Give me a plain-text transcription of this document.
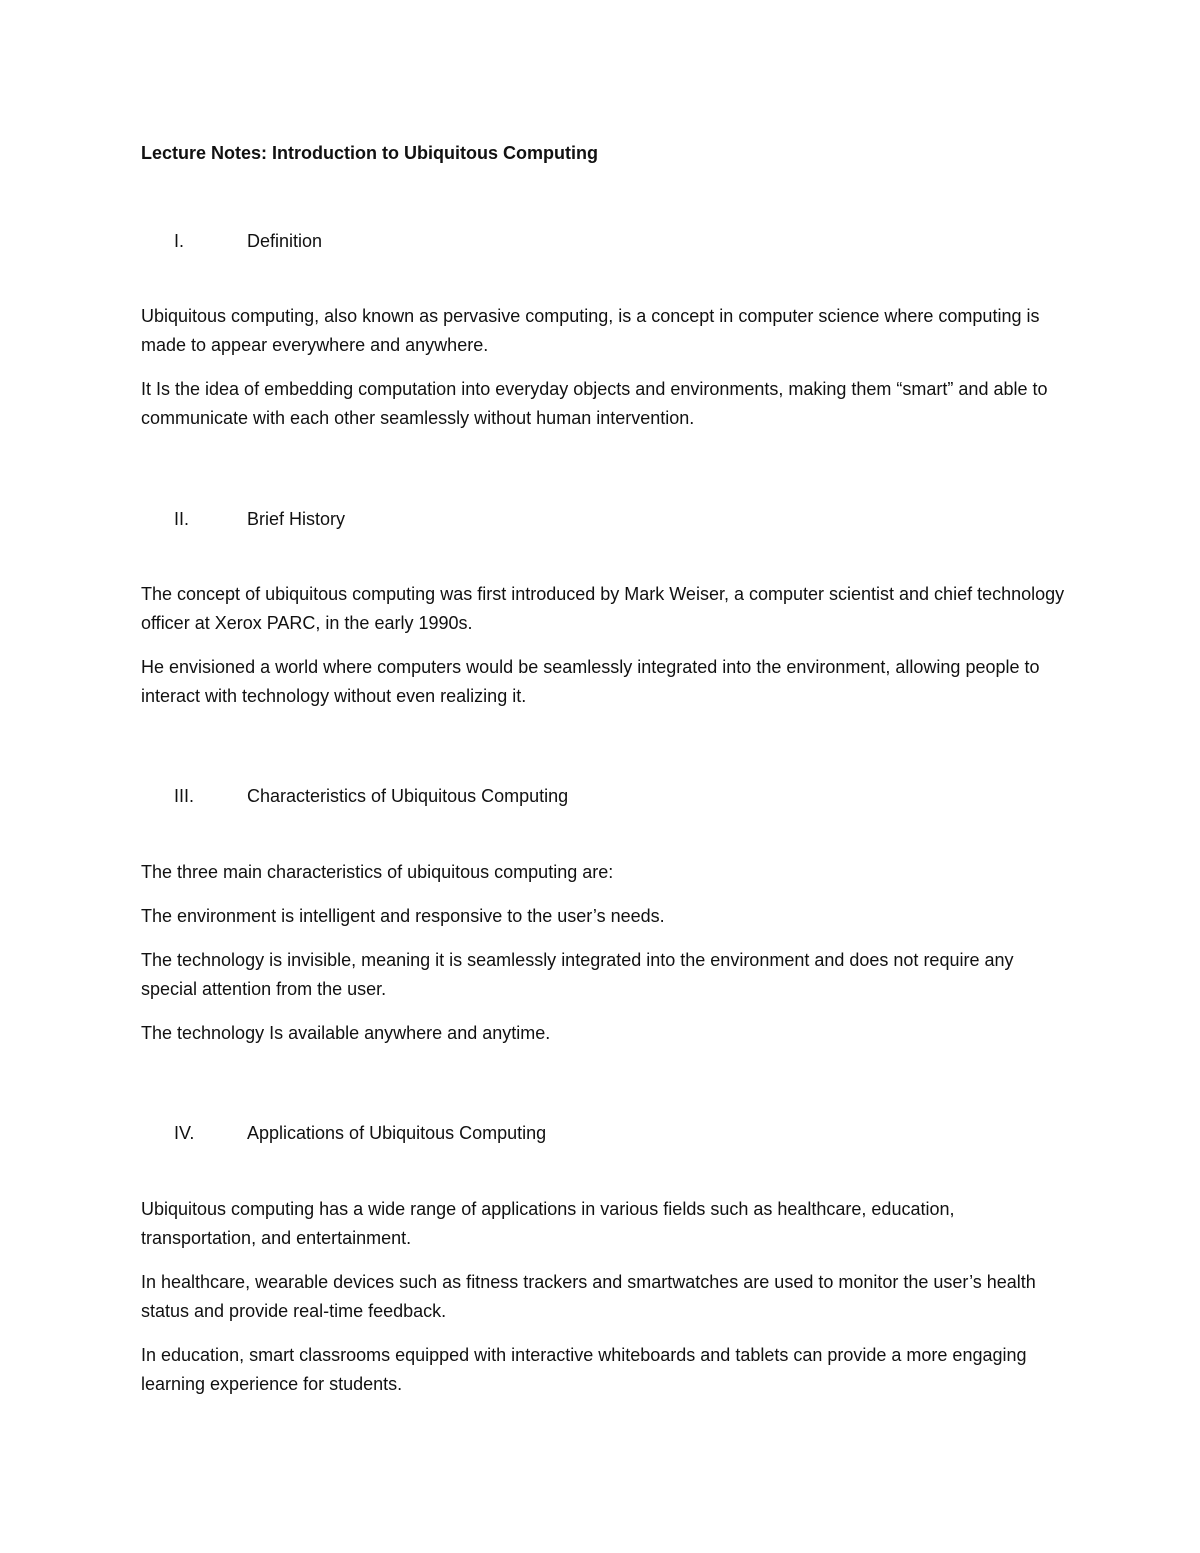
Lecture Notes: Introduction to Ubiquitous Computing
I.	Definition

Ubiquitous computing, also known as pervasive computing, is a concept in computer science where computing is made to appear everywhere and anywhere.

It Is the idea of embedding computation into everyday objects and environments, making them “smart” and able to communicate with each other seamlessly without human intervention.

II.	Brief History

The concept of ubiquitous computing was first introduced by Mark Weiser, a computer scientist and chief technology officer at Xerox PARC, in the early 1990s.

He envisioned a world where computers would be seamlessly integrated into the environment, allowing people to interact with technology without even realizing it.

III.	Characteristics of Ubiquitous Computing

The three main characteristics of ubiquitous computing are:

The environment is intelligent and responsive to the user’s needs.

The technology is invisible, meaning it is seamlessly integrated into the environment and does not require any special attention from the user.

The technology Is available anywhere and anytime.

IV.	Applications of Ubiquitous Computing

Ubiquitous computing has a wide range of applications in various fields such as healthcare, education, transportation, and entertainment.

In healthcare, wearable devices such as fitness trackers and smartwatches are used to monitor the user’s health status and provide real-time feedback.

In education, smart classrooms equipped with interactive whiteboards and tablets can provide a more engaging learning experience for students.
